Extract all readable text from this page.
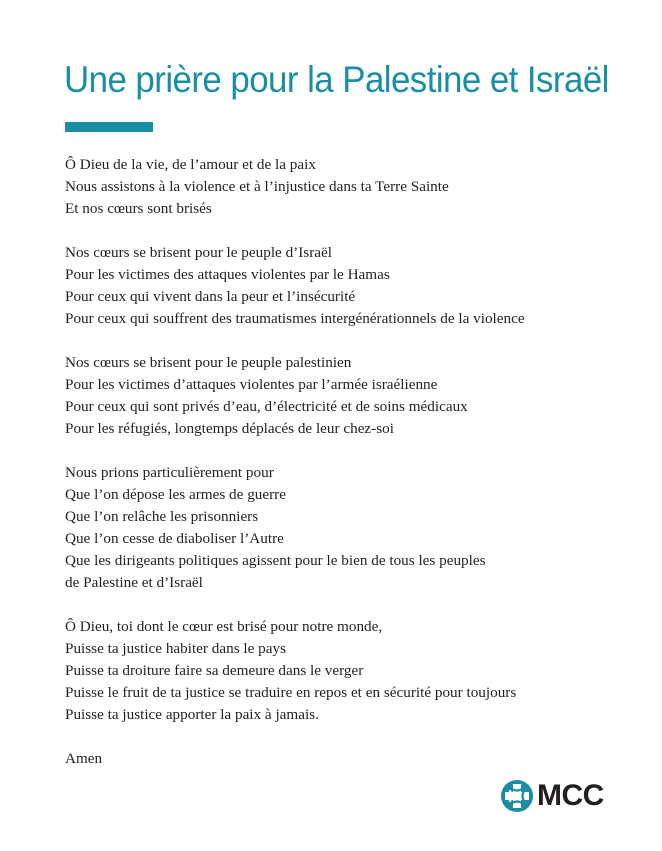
Une prière pour la Palestine et Israël
Ô Dieu de la vie, de l’amour et de la paix
Nous assistons à la violence et à l’injustice dans ta Terre Sainte
Et nos cœurs sont brisés
Nos cœurs se brisent pour le peuple d’Israël
Pour les victimes des attaques violentes par le Hamas
Pour ceux qui vivent dans la peur et l’insécurité
Pour ceux qui souffrent des traumatismes intergénérationnels de la violence
Nos cœurs se brisent pour le peuple palestinien
Pour les victimes d’attaques violentes par l’armée israélienne
Pour ceux qui sont privés d’eau, d’électricité et de soins médicaux
Pour les réfugiés, longtemps déplacés de leur chez-soi
Nous prions particulièrement pour
Que l’on dépose les armes de guerre
Que l’on relâche les prisonniers
Que l’on cesse de diaboliser l’Autre
Que les dirigeants politiques agissent pour le bien de tous les peuples
de Palestine et d’Israël
Ô Dieu, toi dont le cœur est brisé pour notre monde,
Puisse ta justice habiter dans le pays
Puisse ta droiture faire sa demeure dans le verger
Puisse le fruit de ta justice se traduire en repos et en sécurité pour toujours
Puisse ta justice apporter la paix à jamais.
Amen
MCC
